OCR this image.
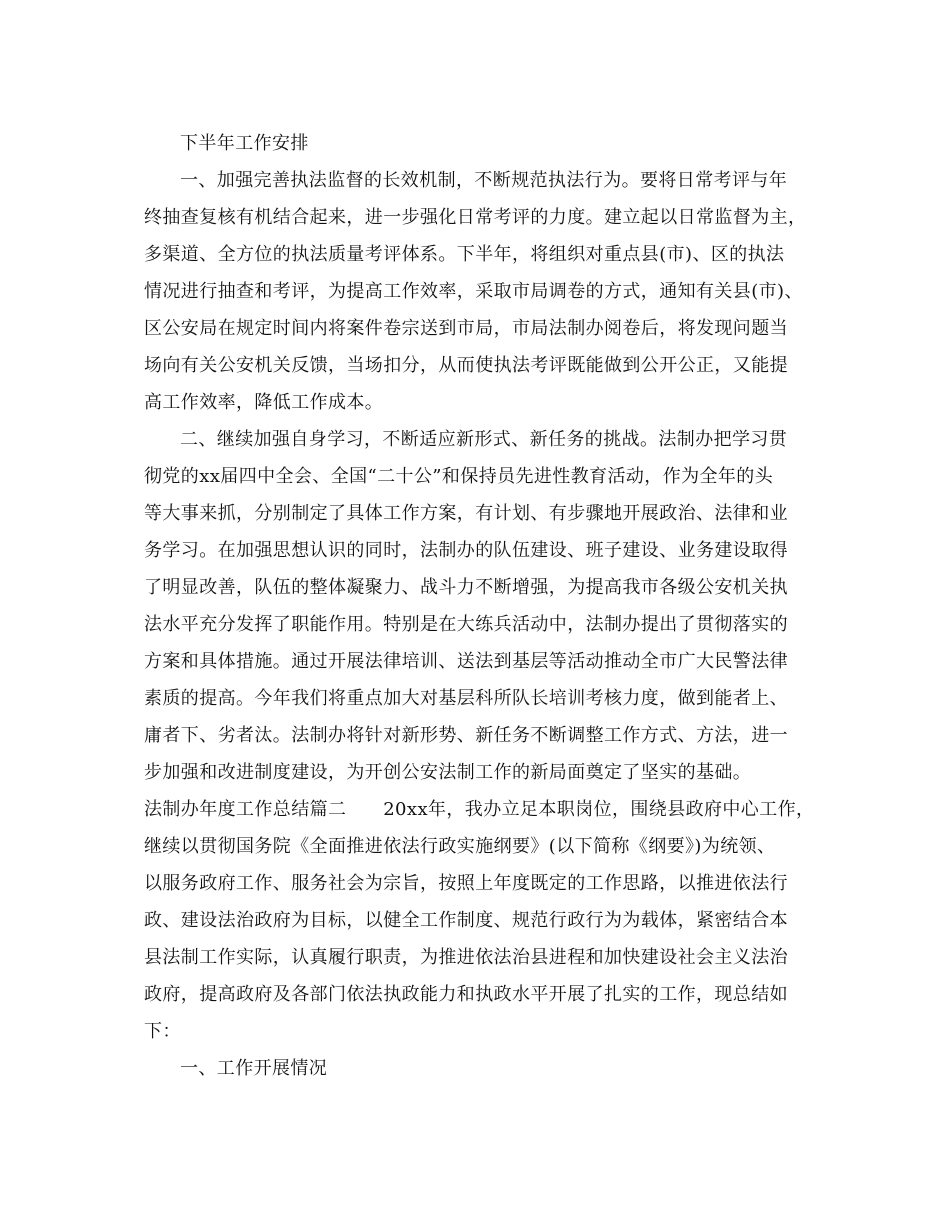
下半年工作安排
一、加强完善执法监督的长效机制，不断规范执法行为。要将日常考评与年
终抽查复核有机结合起来，进一步强化日常考评的力度。建立起以日常监督为主，
多渠道、全方位的执法质量考评体系。下半年，将组织对重点县(市)、区的执法
情况进行抽查和考评，为提高工作效率，采取市局调卷的方式，通知有关县(市)、
区公安局在规定时间内将案件卷宗送到市局，市局法制办阅卷后，将发现问题当
场向有关公安机关反馈，当场扣分，从而使执法考评既能做到公开公正，又能提
高工作效率，降低工作成本。
二、继续加强自身学习，不断适应新形式、新任务的挑战。法制办把学习贯
彻党的xx届四中全会、全国“二十公”和保持员先进性教育活动，作为全年的头
等大事来抓，分别制定了具体工作方案，有计划、有步骤地开展政治、法律和业
务学习。在加强思想认识的同时，法制办的队伍建设、班子建设、业务建设取得
了明显改善，队伍的整体凝聚力、战斗力不断增强，为提高我市各级公安机关执
法水平充分发挥了职能作用。特别是在大练兵活动中，法制办提出了贯彻落实的
方案和具体措施。通过开展法律培训、送法到基层等活动推动全市广大民警法律
素质的提高。今年我们将重点加大对基层科所队长培训考核力度，做到能者上、
庸者下、劣者汰。法制办将针对新形势、新任务不断调整工作方式、方法，进一
步加强和改进制度建设，为开创公安法制工作的新局面奠定了坚实的基础。
法制办年度工作总结篇二　　20xx年，我办立足本职岗位，围绕县政府中心工作，
继续以贯彻国务院《全面推进依法行政实施纲要》(以下简称《纲要》)为统领、
以服务政府工作、服务社会为宗旨，按照上年度既定的工作思路，以推进依法行
政、建设法治政府为目标，以健全工作制度、规范行政行为为载体，紧密结合本
县法制工作实际，认真履行职责，为推进依法治县进程和加快建设社会主义法治
政府，提高政府及各部门依法执政能力和执政水平开展了扎实的工作，现总结如
下：
一、工作开展情况
